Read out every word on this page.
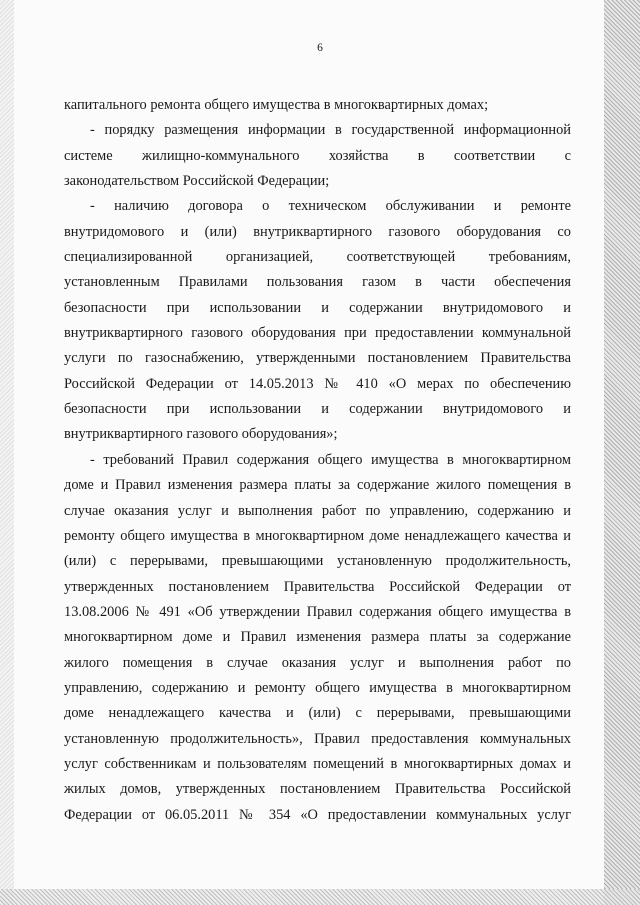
6
капитального ремонта общего имущества в многоквартирных домах;
- порядку размещения информации в государственной информационной
системе жилищно-коммунального хозяйства в соответствии с
законодательством Российской Федерации;
- наличию договора о техническом обслуживании и ремонте
внутридомового и (или) внутриквартирного газового оборудования со
специализированной организацией, соответствующей требованиям,
установленным Правилами пользования газом в части обеспечения
безопасности при использовании и содержании внутридомового и
внутриквартирного газового оборудования при предоставлении коммунальной
услуги по газоснабжению, утвержденными постановлением Правительства
Российской Федерации от 14.05.2013 № 410 «О мерах по обеспечению
безопасности при использовании и содержании внутридомового и
внутриквартирного газового оборудования»;
- требований Правил содержания общего имущества в многоквартирном
доме и Правил изменения размера платы за содержание жилого помещения в
случае оказания услуг и выполнения работ по управлению, содержанию и
ремонту общего имущества в многоквартирном доме ненадлежащего качества и
(или) с перерывами, превышающими установленную продолжительность,
утвержденных постановлением Правительства Российской Федерации от
13.08.2006 № 491 «Об утверждении Правил содержания общего имущества в
многоквартирном доме и Правил изменения размера платы за содержание
жилого помещения в случае оказания услуг и выполнения работ по
управлению, содержанию и ремонту общего имущества в многоквартирном
доме ненадлежащего качества и (или) с перерывами, превышающими
установленную продолжительность», Правил предоставления коммунальных
услуг собственникам и пользователям помещений в многоквартирных домах и
жилых домов, утвержденных постановлением Правительства Российской
Федерации от 06.05.2011 № 354 «О предоставлении коммунальных услуг
